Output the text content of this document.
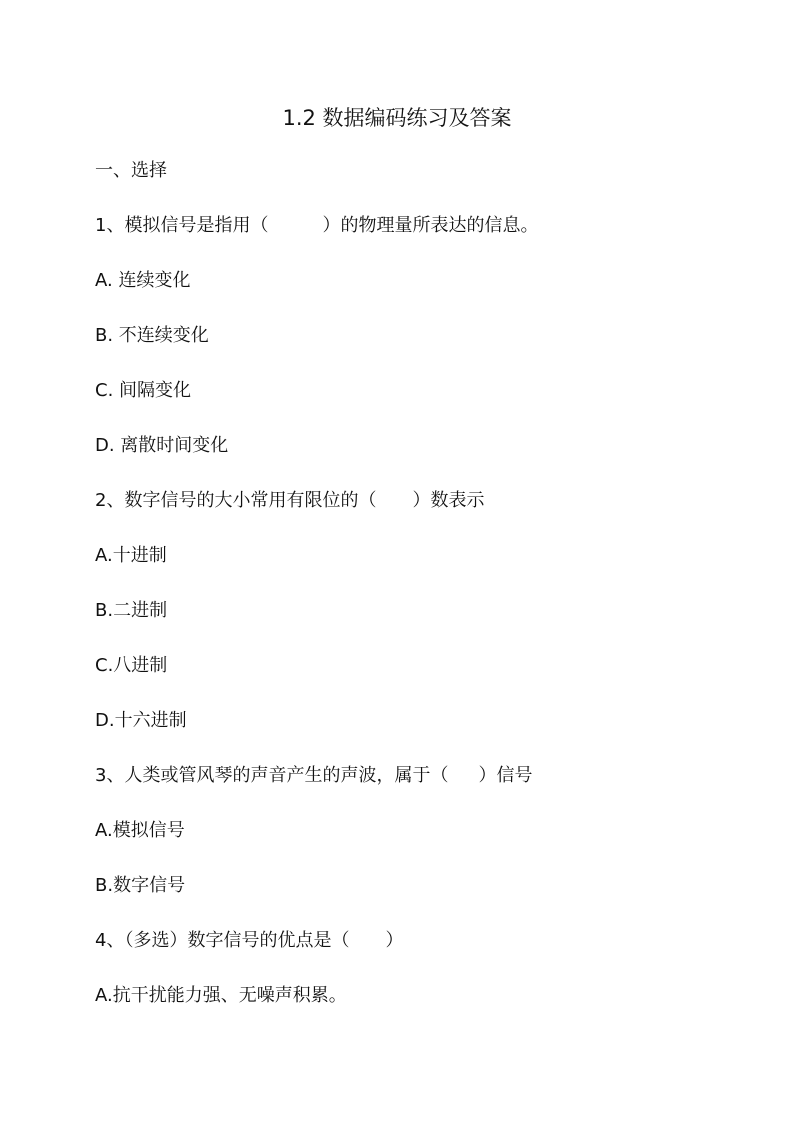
1.2 数据编码练习及答案

一、选择

1、模拟信号是指用（	）的物理量所表达的信息。

A. 连续变化

B. 不连续变化

C. 间隔变化

D. 离散时间变化

2、数字信号的大小常用有限位的（ ）数表示

A.十进制

B.二进制

C.八进制

D.十六进制

3、人类或管风琴的声音产生的声波，属于（ ）信号

A.模拟信号

B.数字信号

4、（多选）数字信号的优点是（ ）

A.抗干扰能力强、无噪声积累。
